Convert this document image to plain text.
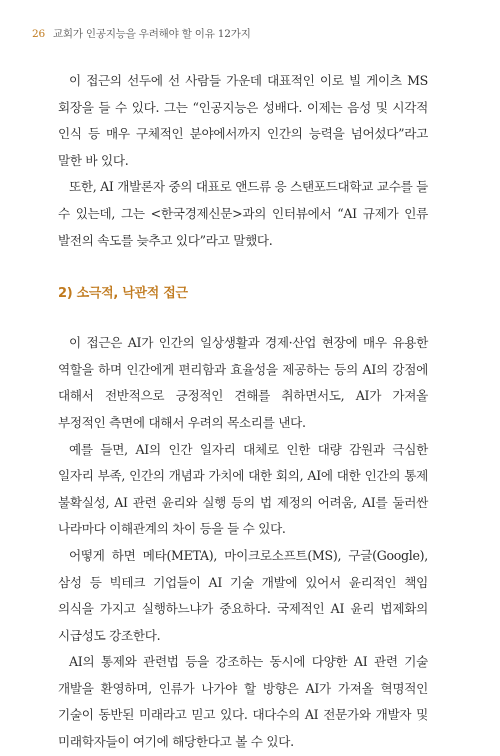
26 교회가 인공지능을 우려해야 할 이유 12가지

이 접근의 선두에 선 사람들 가운데 대표적인 이로 빌 게이츠 MS 회장을 들 수 있다. 그는 “인공지능은 성배다. 이제는 음성 및 시각적 인식 등 매우 구체적인 분야에서까지 인간의 능력을 넘어섰다”라고 말한 바 있다.

또한, AI 개발론자 중의 대표로 앤드류 응 스탠포드대학교 교수를 들 수 있는데, 그는 <한국경제신문>과의 인터뷰에서 “AI 규제가 인류 발전의 속도를 늦추고 있다”라고 말했다.

2) 소극적, 낙관적 접근

이 접근은 AI가 인간의 일상생활과 경제·산업 현장에 매우 유용한 역할을 하며 인간에게 편리함과 효율성을 제공하는 등의 AI의 강점에 대해서 전반적으로 긍정적인 견해를 취하면서도, AI가 가져올 부정적인 측면에 대해서 우려의 목소리를 낸다.

예를 들면, AI의 인간 일자리 대체로 인한 대량 감원과 극심한 일자리 부족, 인간의 개념과 가치에 대한 회의, AI에 대한 인간의 통제 불확실성, AI 관련 윤리와 실행 등의 법 제정의 어려움, AI를 둘러싼 나라마다 이해관계의 차이 등을 들 수 있다.

어떻게 하면 메타(META), 마이크로소프트(MS), 구글(Google), 삼성 등 빅테크 기업들이 AI 기술 개발에 있어서 윤리적인 책임 의식을 가지고 실행하느냐가 중요하다. 국제적인 AI 윤리 법제화의 시급성도 강조한다.

AI의 통제와 관련법 등을 강조하는 동시에 다양한 AI 관련 기술 개발을 환영하며, 인류가 나가야 할 방향은 AI가 가져올 혁명적인 기술이 동반된 미래라고 믿고 있다. 대다수의 AI 전문가와 개발자 및 미래학자들이 여기에 해당한다고 볼 수 있다.
